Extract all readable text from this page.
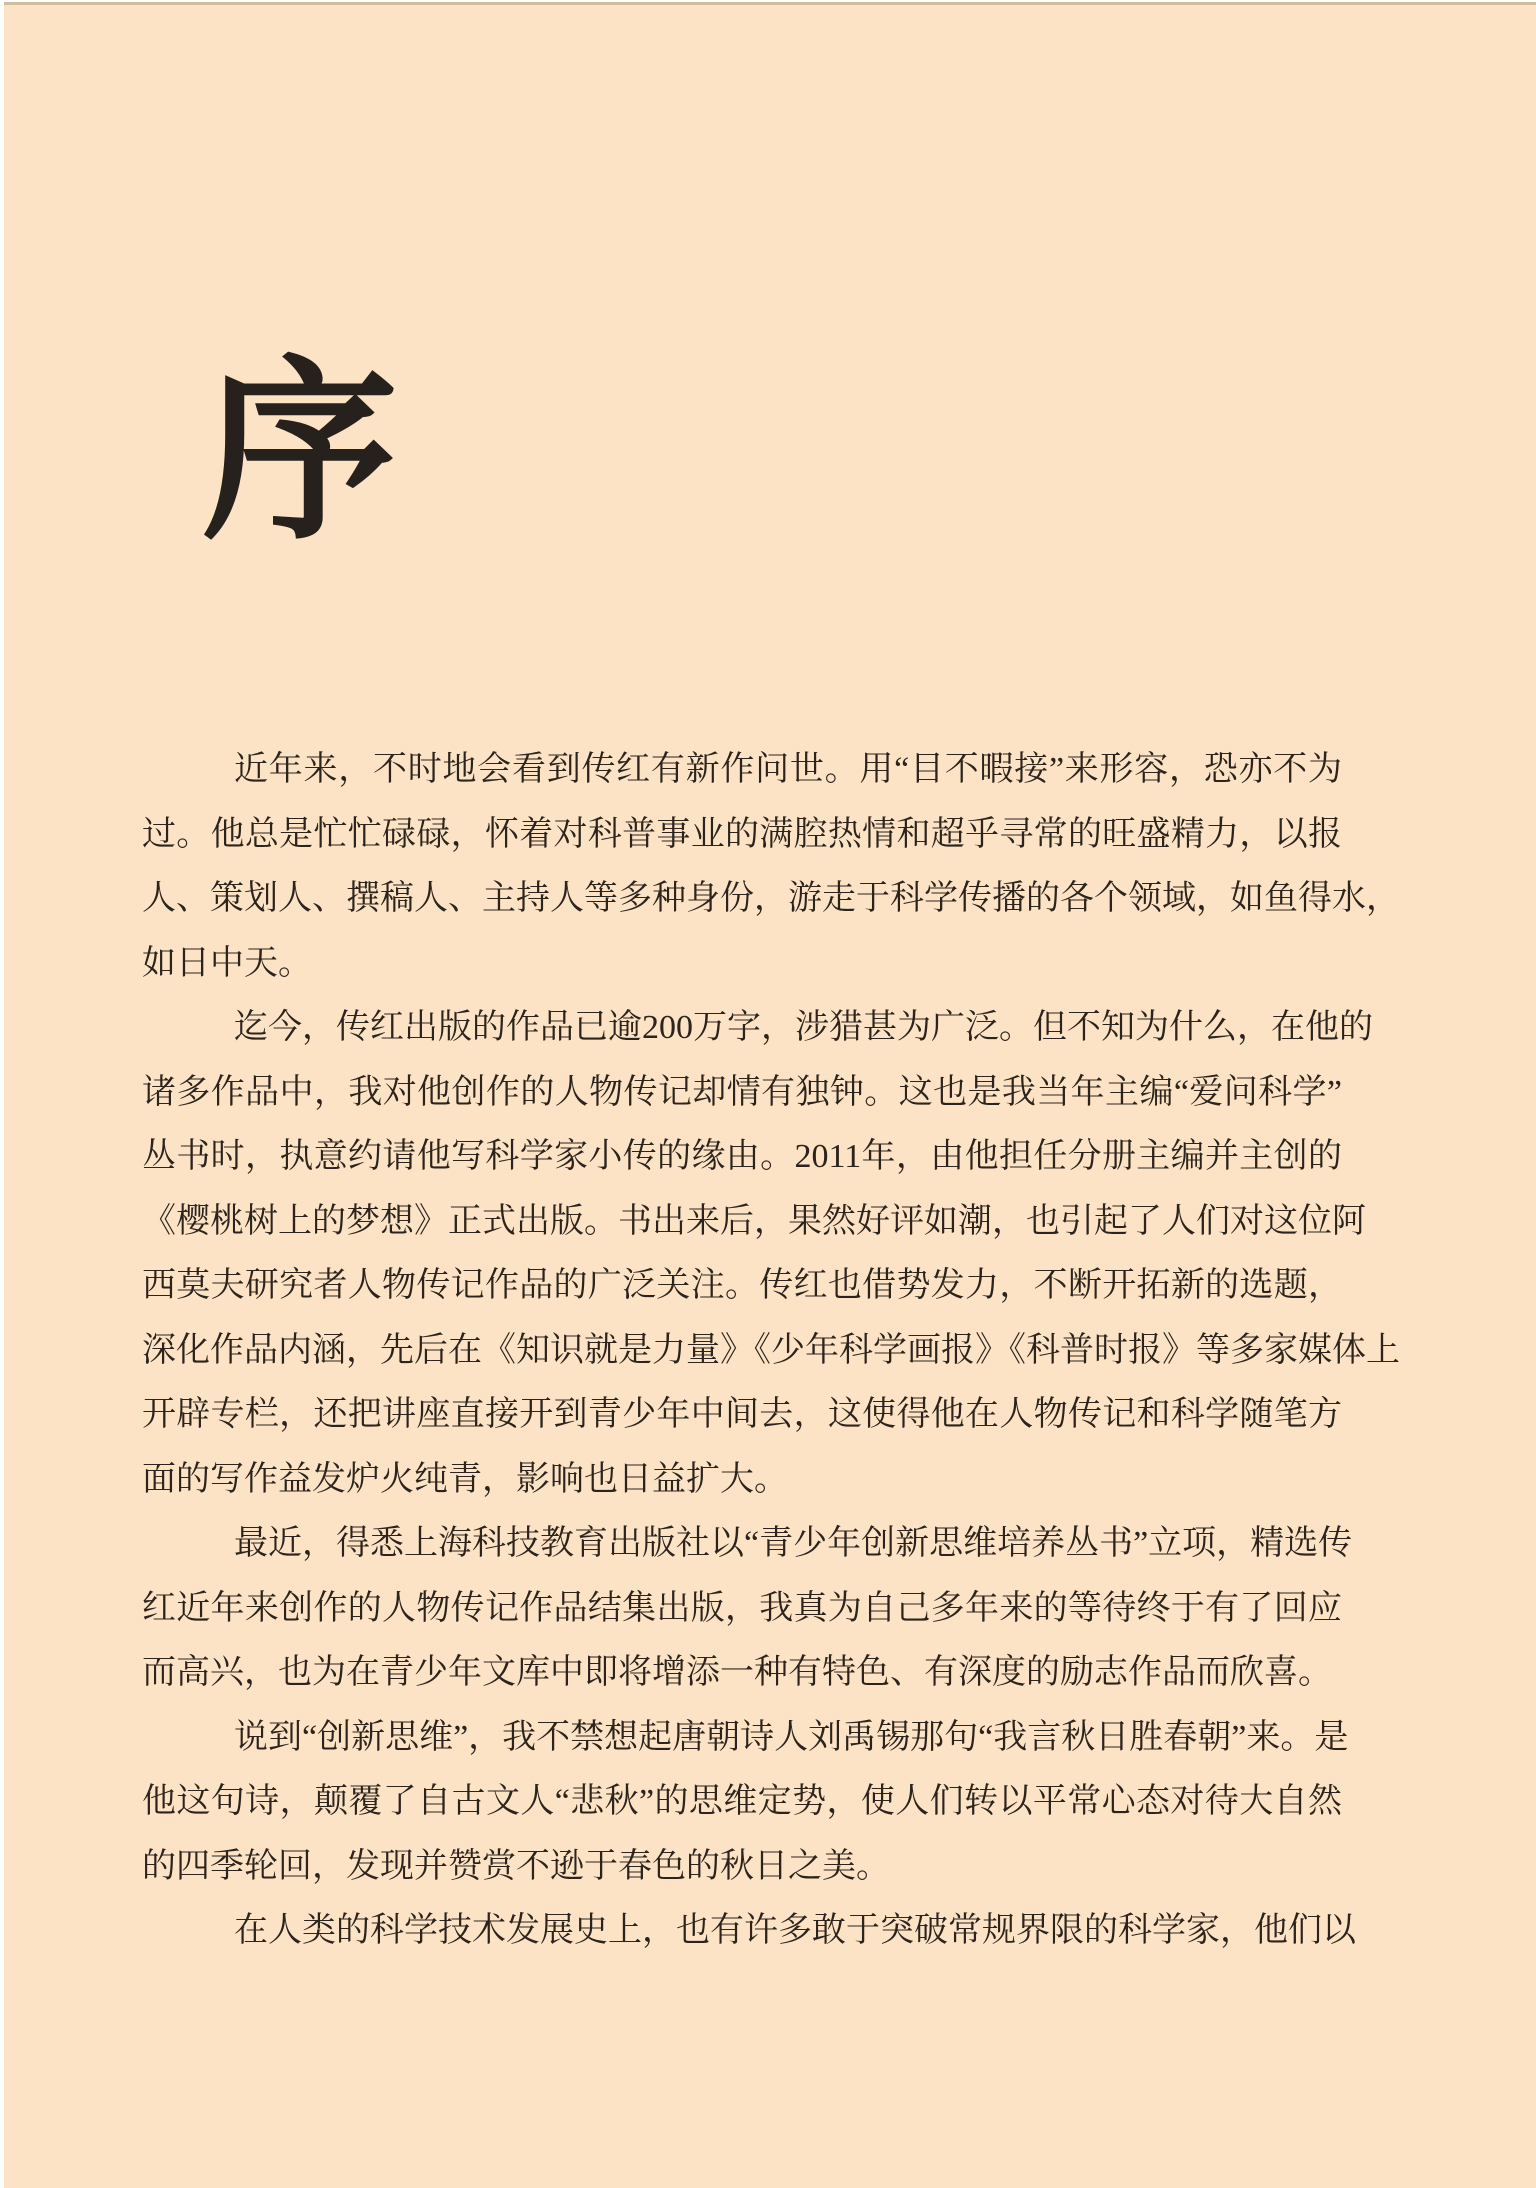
序
近年来，不时地会看到传红有新作问世。用“目不暇接”来形容，恐亦不为
过。他总是忙忙碌碌，怀着对科普事业的满腔热情和超乎寻常的旺盛精力，以报
人、策划人、撰稿人、主持人等多种身份，游走于科学传播的各个领域，如鱼得水，
如日中天。
迄今，传红出版的作品已逾200万字，涉猎甚为广泛。但不知为什么，在他的
诸多作品中，我对他创作的人物传记却情有独钟。这也是我当年主编“爱问科学”
丛书时，执意约请他写科学家小传的缘由。2011年，由他担任分册主编并主创的
《樱桃树上的梦想》正式出版。书出来后，果然好评如潮，也引起了人们对这位阿
西莫夫研究者人物传记作品的广泛关注。传红也借势发力，不断开拓新的选题，
深化作品内涵，先后在《知识就是力量》《少年科学画报》《科普时报》等多家媒体上
开辟专栏，还把讲座直接开到青少年中间去，这使得他在人物传记和科学随笔方
面的写作益发炉火纯青，影响也日益扩大。
最近，得悉上海科技教育出版社以“青少年创新思维培养丛书”立项，精选传
红近年来创作的人物传记作品结集出版，我真为自己多年来的等待终于有了回应
而高兴，也为在青少年文库中即将增添一种有特色、有深度的励志作品而欣喜。
说到“创新思维”，我不禁想起唐朝诗人刘禹锡那句“我言秋日胜春朝”来。是
他这句诗，颠覆了自古文人“悲秋”的思维定势，使人们转以平常心态对待大自然
的四季轮回，发现并赞赏不逊于春色的秋日之美。
在人类的科学技术发展史上，也有许多敢于突破常规界限的科学家，他们以
